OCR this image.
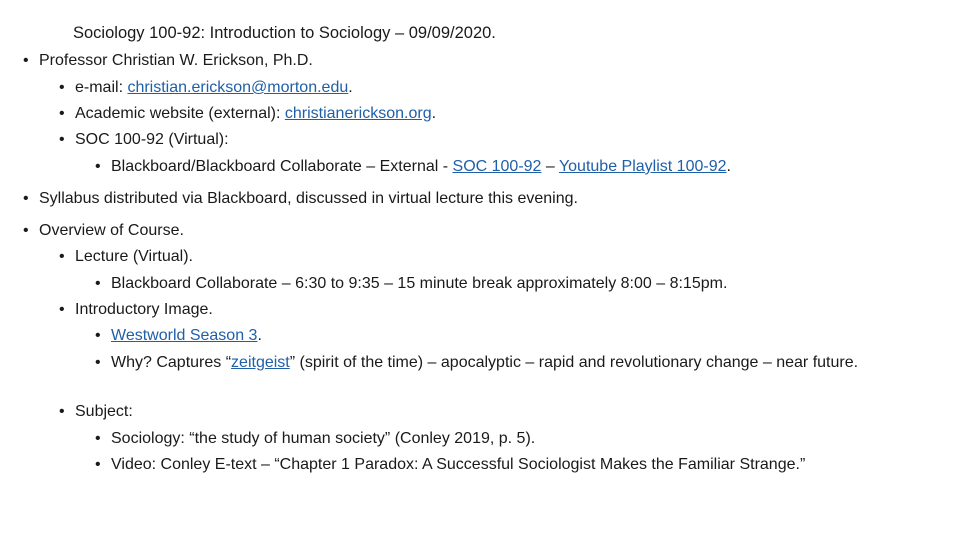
Sociology 100-92: Introduction to Sociology – 09/09/2020.
• Professor Christian W. Erickson, Ph.D.
• e-mail: christian.erickson@morton.edu.
• Academic website (external): christianerickson.org.
• SOC 100-92 (Virtual):
• Blackboard/Blackboard Collaborate – External - SOC 100-92 – Youtube Playlist 100-92.
• Syllabus distributed via Blackboard, discussed in virtual lecture this evening.
• Overview of Course.
• Lecture (Virtual).
• Blackboard Collaborate – 6:30 to 9:35 – 15 minute break approximately 8:00 – 8:15pm.
• Introductory Image.
• Westworld Season 3.
• Why? Captures “zeitgeist” (spirit of the time) – apocalyptic – rapid and revolutionary change – near future.
• Subject:
• Sociology: “the study of human society” (Conley 2019, p. 5).
• Video: Conley E-text – “Chapter 1 Paradox: A Successful Sociologist Makes the Familiar Strange.”
